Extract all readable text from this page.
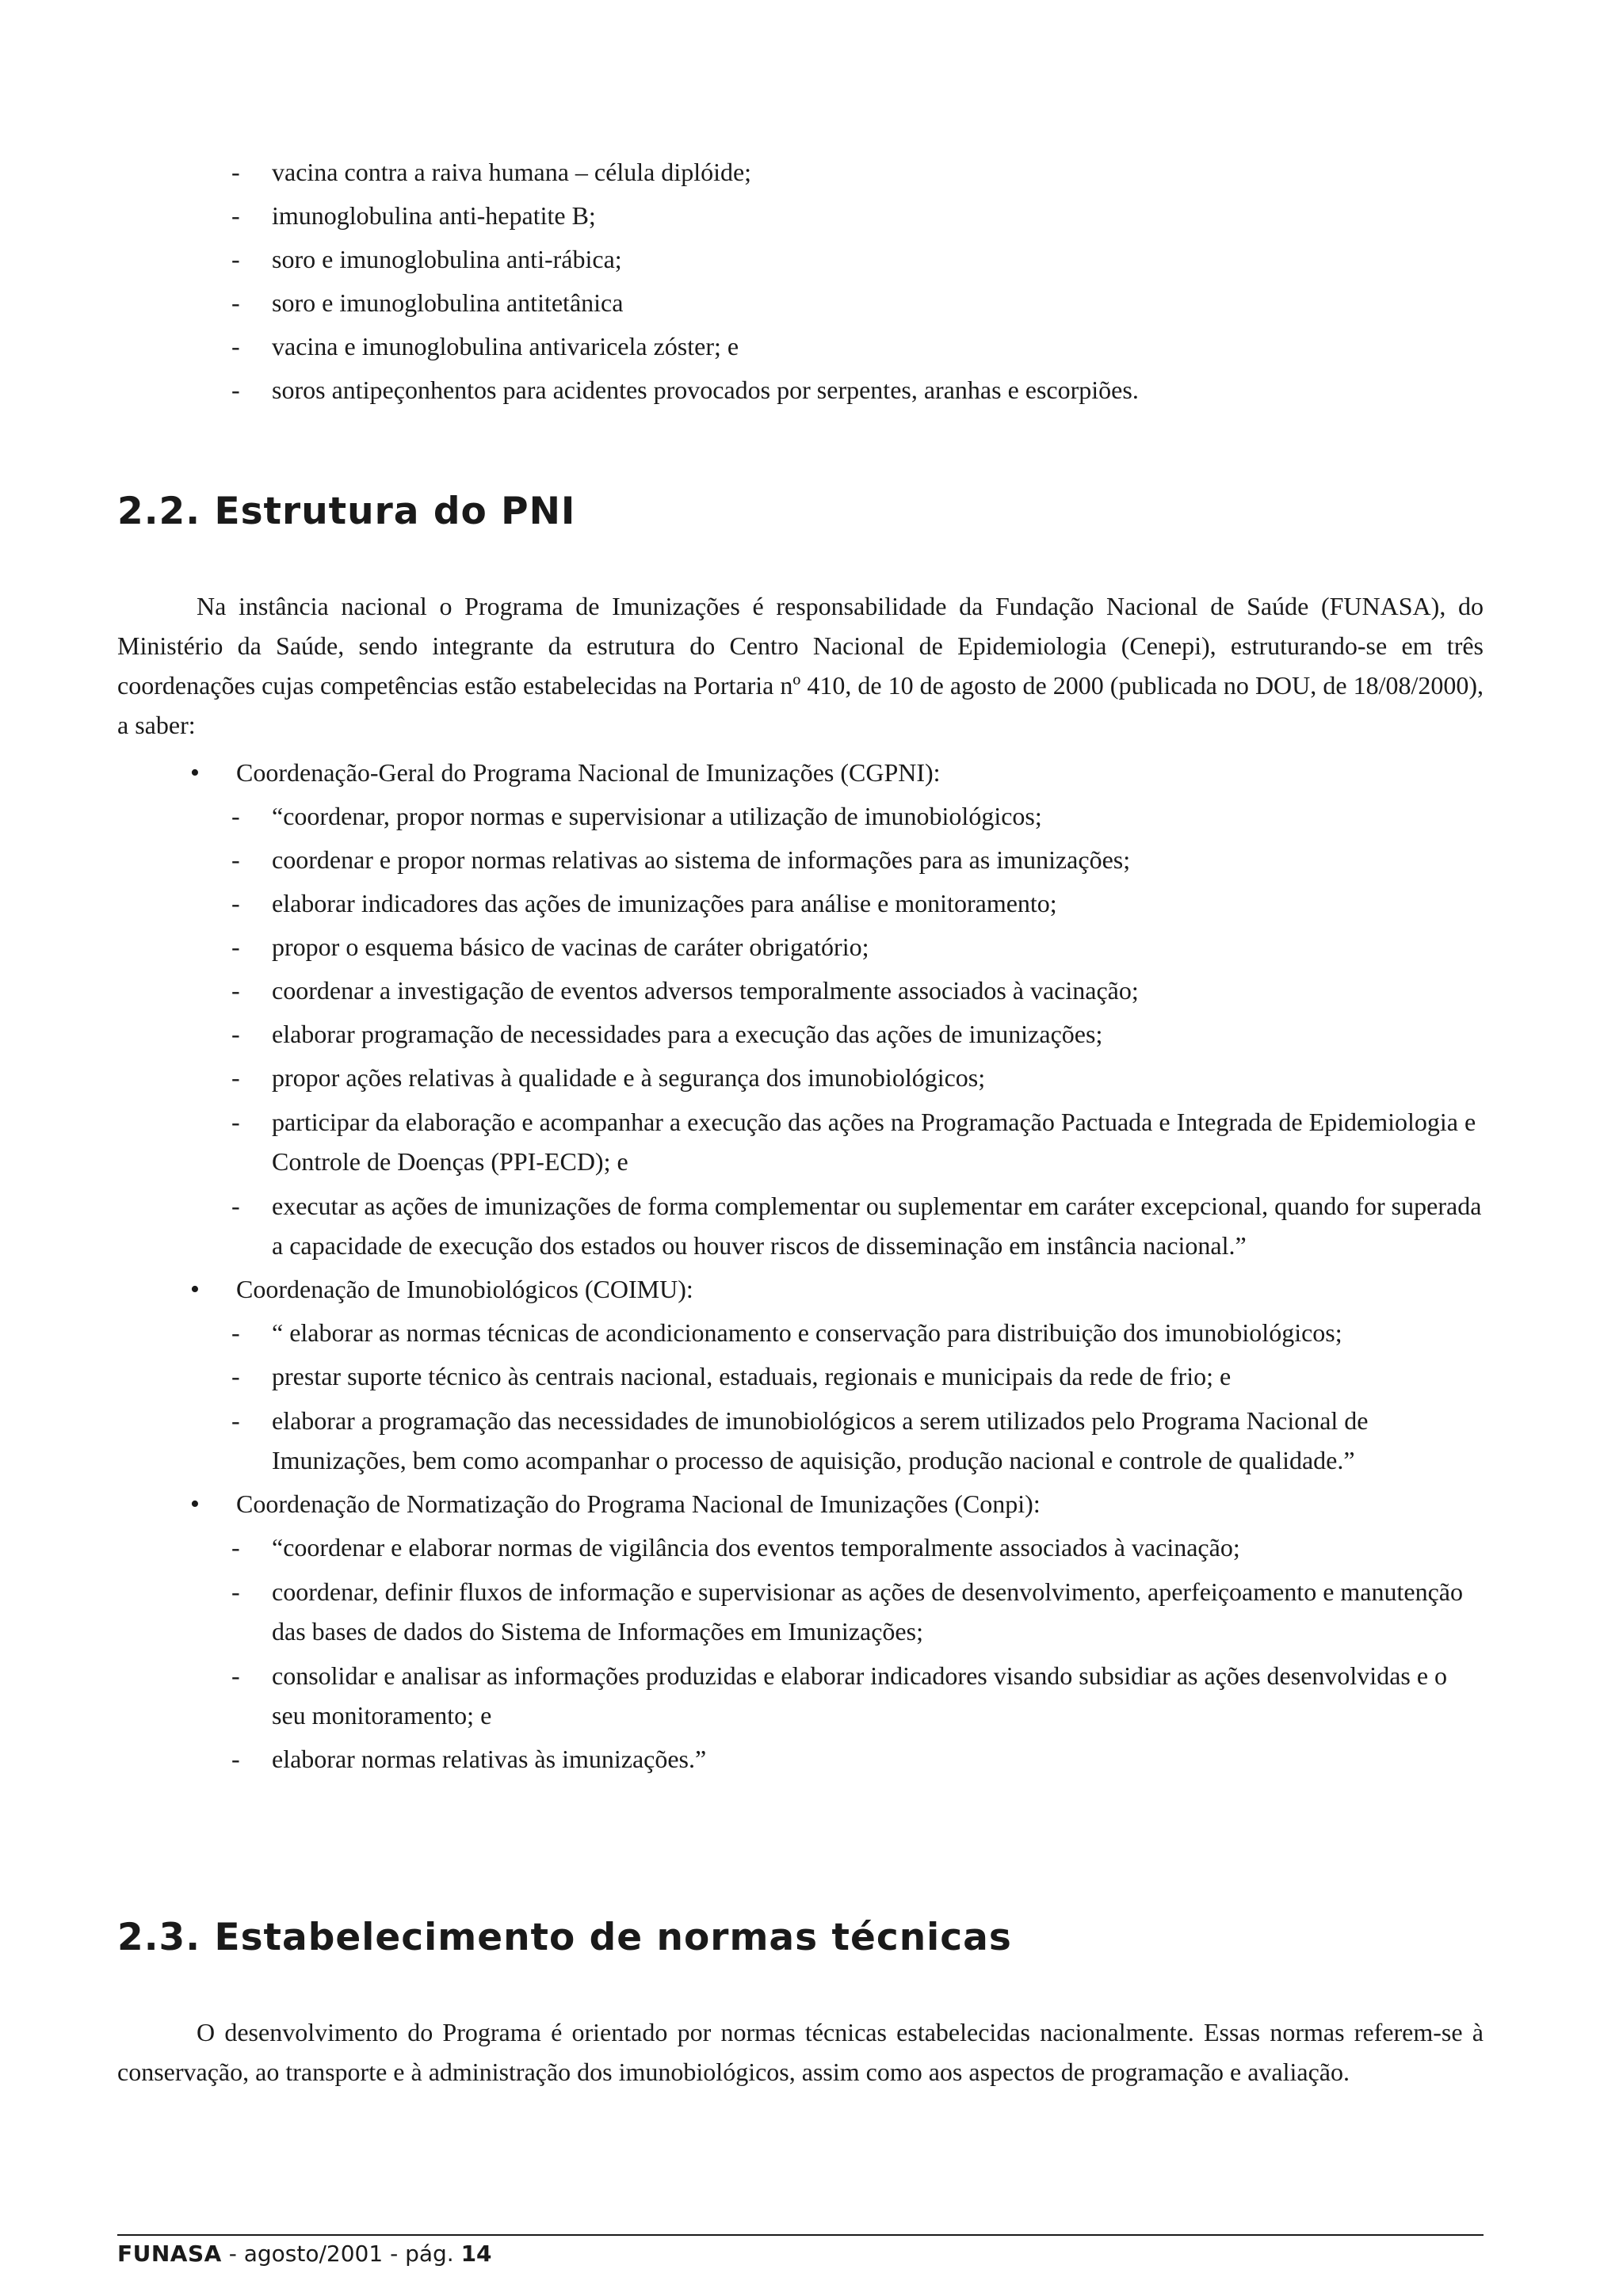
- vacina contra a raiva humana – célula diplóide;
- imunoglobulina anti-hepatite B;
- soro e imunoglobulina anti-rábica;
- soro e imunoglobulina antitetânica
- vacina e imunoglobulina antivaricela zóster; e
- soros antipeçonhentos para acidentes provocados por serpentes, aranhas e escorpiões.
2.2. Estrutura do PNI

Na instância nacional o Programa de Imunizações é responsabilidade da Fundação Nacional de Saúde (FUNASA), do Ministério da Saúde, sendo integrante da estrutura do Centro Nacional de Epidemiologia (Cenepi), estruturando-se em três coordenações cujas competências estão estabelecidas na Portaria nº 410, de 10 de agosto de 2000 (publicada no DOU, de 18/08/2000), a saber:

• Coordenação-Geral do Programa Nacional de Imunizações (CGPNI):
- “coordenar, propor normas e supervisionar a utilização de imunobiológicos;
- coordenar e propor normas relativas ao sistema de informações para as imunizações;
- elaborar indicadores das ações de imunizações para análise e monitoramento;
- propor o esquema básico de vacinas de caráter obrigatório;
- coordenar a investigação de eventos adversos temporalmente associados à vacinação;
- elaborar programação de necessidades para a execução das ações de imunizações;
- propor ações relativas à qualidade e à segurança dos imunobiológicos;
- participar da elaboração e acompanhar a execução das ações na Programação Pactuada e Integrada de Epidemiologia e Controle de Doenças (PPI-ECD); e
- executar as ações de imunizações de forma complementar ou suplementar em caráter excepcional, quando for superada a capacidade de execução dos estados ou houver riscos de disseminação em instância nacional.”
• Coordenação de Imunobiológicos (COIMU):
- “ elaborar as normas técnicas de acondicionamento e conservação para distribuição dos imunobiológicos;
- prestar suporte técnico às centrais nacional, estaduais, regionais e municipais da rede de frio; e
- elaborar a programação das necessidades de imunobiológicos a serem utilizados pelo Programa Nacional de Imunizações, bem como acompanhar o processo de aquisição, produção nacional e controle de qualidade.”
• Coordenação de Normatização do Programa Nacional de Imunizações (Conpi):
- “coordenar e elaborar normas de vigilância dos eventos temporalmente associados à vacinação;
- coordenar, definir fluxos de informação e supervisionar as ações de desenvolvimento, aperfeiçoamento e manutenção das bases de dados do Sistema de Informações em Imunizações;
- consolidar e analisar as informações produzidas e elaborar indicadores visando subsidiar as ações desenvolvidas e o seu monitoramento; e
- elaborar normas relativas às imunizações.”
2.3. Estabelecimento de normas técnicas

O desenvolvimento do Programa é orientado por normas técnicas estabelecidas nacionalmente. Essas normas referem-se à conservação, ao transporte e à administração dos imunobiológicos, assim como aos aspectos de programação e avaliação.

FUNASA - agosto/2001 - pág. 14
